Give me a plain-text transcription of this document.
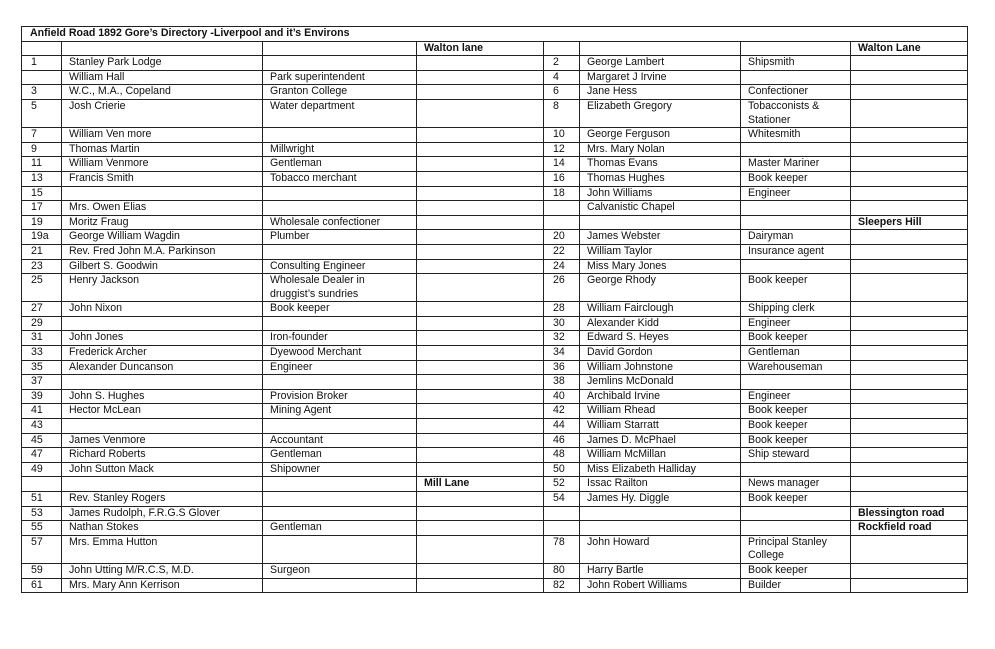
Anfield Road 1892 Gore’s Directory -Liverpool and it’s Environs							
			Walton lane				Walton Lane
1	Stanley Park Lodge			2	George Lambert	Shipsmith	
	William Hall	Park superintendent		4	Margaret J Irvine		
3	W.C., M.A., Copeland	Granton College		6	Jane Hess	Confectioner	
5	Josh Crierie	Water department		8	Elizabeth Gregory	Tobacconists & Stationer	
7	William Ven more			10	George Ferguson	Whitesmith	
9	Thomas Martin	Millwright		12	Mrs. Mary Nolan		
11	William Venmore	Gentleman		14	Thomas Evans	Master Mariner	
13	Francis Smith	Tobacco merchant		16	Thomas Hughes	Book keeper	
15				18	John Williams	Engineer	
17	Mrs. Owen Elias				Calvanistic Chapel		
19	Moritz Fraug	Wholesale confectioner					Sleepers Hill
19a	George William Wagdin	Plumber		20	James Webster	Dairyman	
21	Rev. Fred John M.A. Parkinson			22	William Taylor	Insurance agent	
23	Gilbert S. Goodwin	Consulting Engineer		24	Miss Mary Jones		
25	Henry Jackson	Wholesale Dealer in druggist’s sundries		26	George Rhody	Book keeper	
27	John Nixon	Book keeper		28	William Fairclough	Shipping clerk	
29				30	Alexander Kidd	Engineer	
31	John Jones	Iron-founder		32	Edward S. Heyes	Book keeper	
33	Frederick Archer	Dyewood Merchant		34	David Gordon	Gentleman	
35	Alexander Duncanson	Engineer		36	William Johnstone	Warehouseman	
37				38	Jemlins McDonald		
39	John S. Hughes	Provision Broker		40	Archibald Irvine	Engineer	
41	Hector McLean	Mining Agent		42	William Rhead	Book keeper	
43				44	William Starratt	Book keeper	
45	James Venmore	Accountant		46	James D. McPhael	Book keeper	
47	Richard Roberts	Gentleman		48	William McMillan	Ship steward	
49	John Sutton Mack	Shipowner		50	Miss Elizabeth Halliday		
			Mill Lane	52	Issac Railton	News manager	
51	Rev. Stanley Rogers			54	James Hy. Diggle	Book keeper	
53	James Rudolph, F.R.G.S Glover						Blessington road
55	Nathan Stokes	Gentleman					Rockfield road
57	Mrs. Emma Hutton			78	John Howard	Principal Stanley College	
59	John Utting M/R.C.S, M.D.	Surgeon		80	Harry Bartle	Book keeper	
61	Mrs. Mary Ann Kerrison			82	John Robert Williams	Builder	
